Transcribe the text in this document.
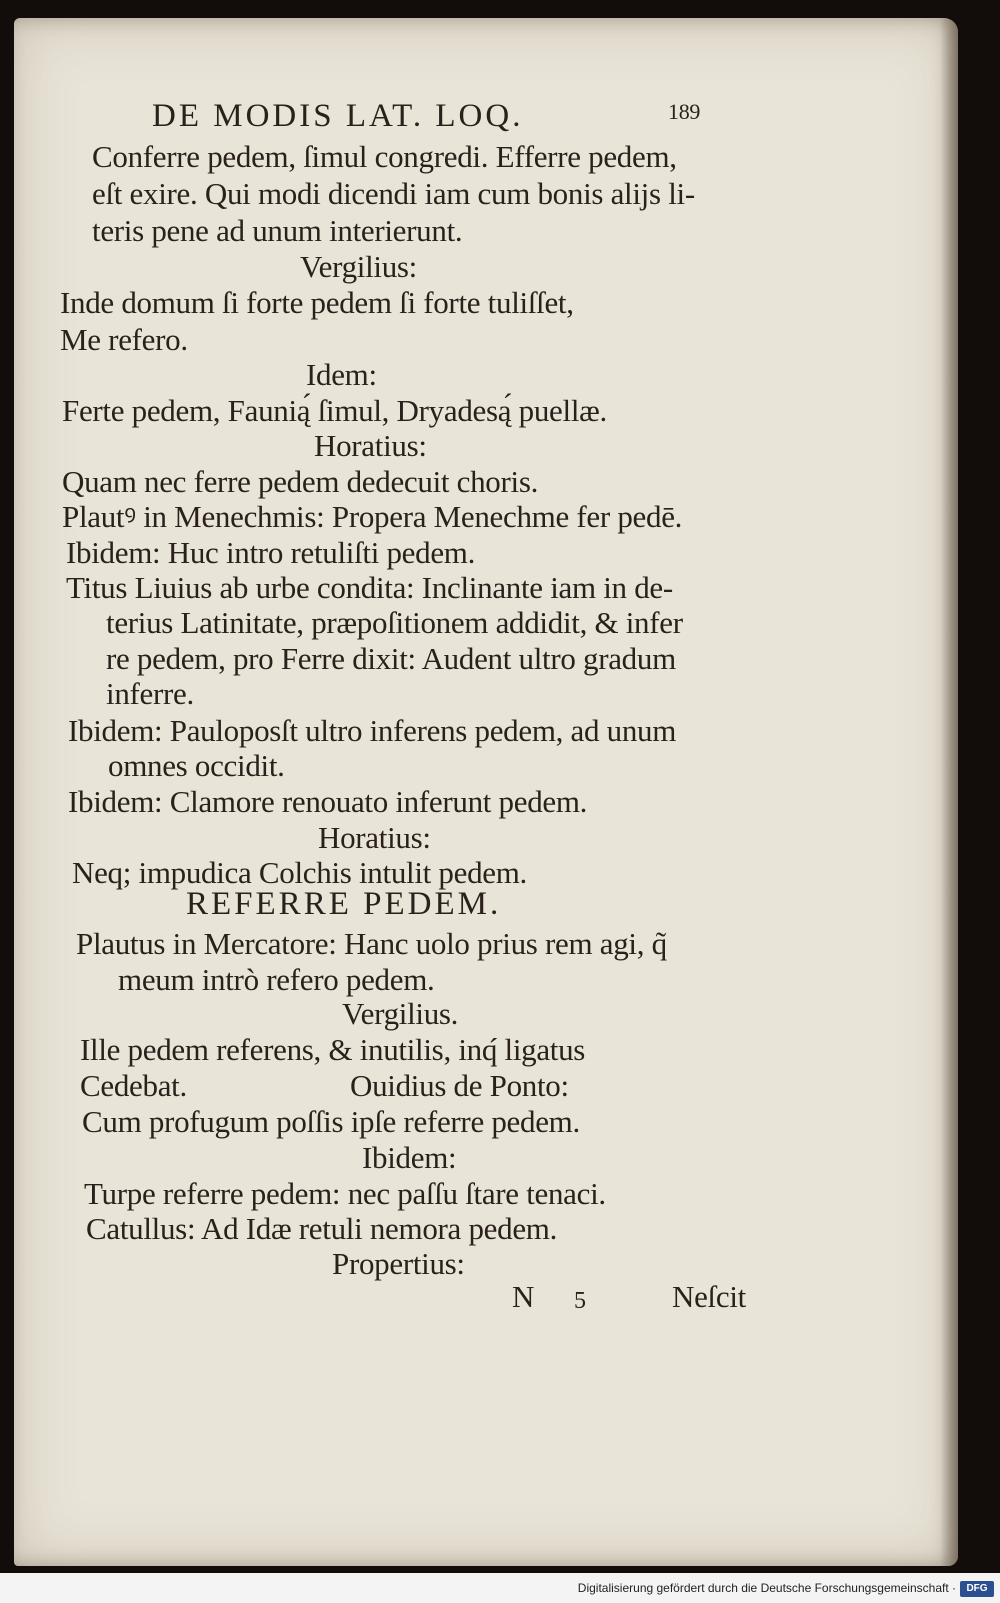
DE MODIS LAT. LOQ.	189
Conferre pedem, ſimul congredi. Efferre pedem,
eſt exire. Qui modi dicendi iam cum bonis alijs li-
teris pene ad unum interierunt.
Vergilius:
Inde domum ſi forte pedem ſi forte tuliſſet,
Me refero.
Idem:
Ferte pedem, Faunią́ ſimul, Dryadesą́ puellæ.
Horatius:
Quam nec ferre pedem dedecuit choris.
Plautꝰ in Menechmis: Propera Menechme fer pedē.
Ibidem: Huc intro retuliſti pedem.
Titus Liuius ab urbe condita: Inclinante iam in de-
terius Latinitate, præpoſitionem addidit, & infer
re pedem, pro Ferre dixit: Audent ultro gradum
inferre.
Ibidem: Pauloposſt ultro inferens pedem, ad unum
omnes occidit.
Ibidem: Clamore renouato inferunt pedem.
Horatius:
Neq; impudica Colchis intulit pedem.
REFERRE PEDEM.
Plautus in Mercatore: Hanc uolo prius rem agi, q̃
meum intrò refero pedem.
Vergilius.
Ille pedem referens, & inutilis, inq́ ligatus
Cedebat.	Ouidius de Ponto:
Cum profugum poſſis ipſe referre pedem.
Ibidem:
Turpe referre pedem: nec paſſu ſtare tenaci.
Catullus: Ad Idæ retuli nemora pedem.
Propertius:
N 5	Neſcit
Digitalisierung gefördert durch die Deutsche Forschungsgemeinschaft ·	DFG
